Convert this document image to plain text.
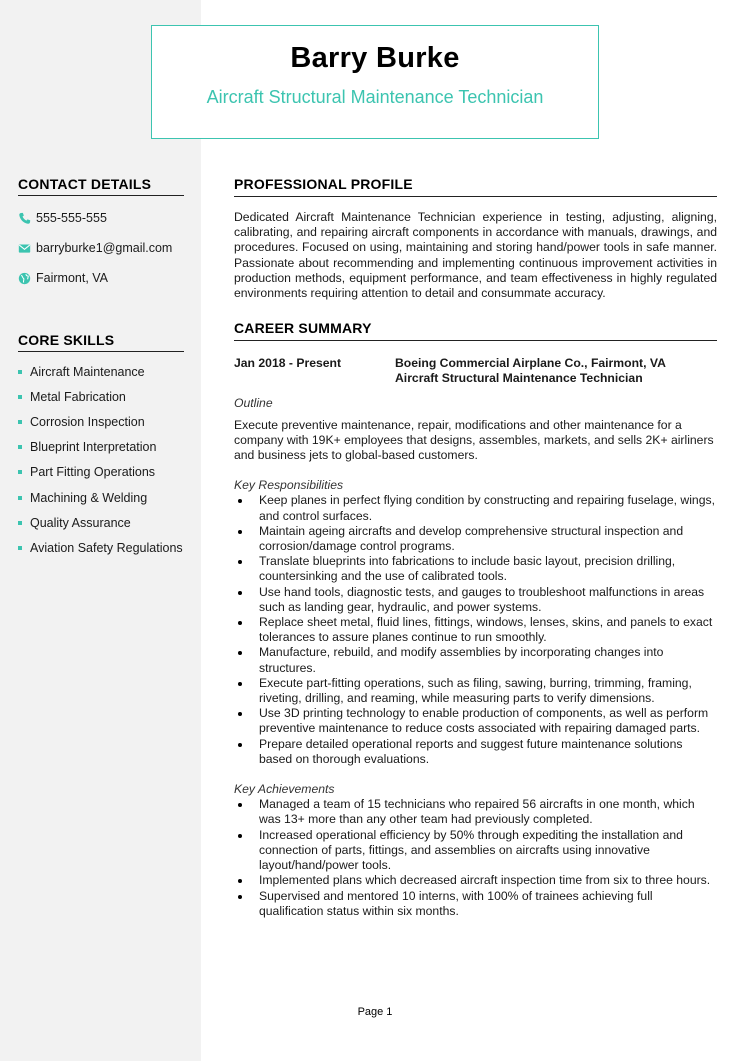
Barry Burke
Aircraft Structural Maintenance Technician
CONTACT DETAILS
555-555-555
barryburke1@gmail.com
Fairmont, VA
CORE SKILLS
Aircraft Maintenance
Metal Fabrication
Corrosion Inspection
Blueprint Interpretation
Part Fitting Operations
Machining & Welding
Quality Assurance
Aviation Safety Regulations
PROFESSIONAL PROFILE

Dedicated Aircraft Maintenance Technician experience in testing, adjusting, aligning, calibrating, and repairing aircraft components in accordance with manuals, drawings, and procedures. Focused on using, maintaining and storing hand/power tools in safe manner. Passionate about recommending and implementing continuous improvement activities in production methods, equipment performance, and team effectiveness in highly regulated environments requiring attention to detail and consummate accuracy.

CAREER SUMMARY
Jan 2018 - Present	Boeing Commercial Airplane Co., Fairmont, VA
Aircraft Structural Maintenance Technician
Outline

Execute preventive maintenance, repair, modifications and other maintenance for a company with 19K+ employees that designs, assembles, markets, and sells 2K+ airliners and business jets to global-based customers.

Key Responsibilities
Keep planes in perfect flying condition by constructing and repairing fuselage, wings, and control surfaces.
Maintain ageing aircrafts and develop comprehensive structural inspection and corrosion/damage control programs.
Translate blueprints into fabrications to include basic layout, precision drilling, countersinking and the use of calibrated tools.
Use hand tools, diagnostic tests, and gauges to troubleshoot malfunctions in areas such as landing gear, hydraulic, and power systems.
Replace sheet metal, fluid lines, fittings, windows, lenses, skins, and panels to exact tolerances to assure planes continue to run smoothly.
Manufacture, rebuild, and modify assemblies by incorporating changes into structures.
Execute part-fitting operations, such as filing, sawing, burring, trimming, framing, riveting, drilling, and reaming, while measuring parts to verify dimensions.
Use 3D printing technology to enable production of components, as well as perform preventive maintenance to reduce costs associated with repairing damaged parts.
Prepare detailed operational reports and suggest future maintenance solutions based on thorough evaluations.
Key Achievements
Managed a team of 15 technicians who repaired 56 aircrafts in one month, which was 13+ more than any other team had previously completed.
Increased operational efficiency by 50% through expediting the installation and connection of parts, fittings, and assemblies on aircrafts using innovative layout/hand/power tools.
Implemented plans which decreased aircraft inspection time from six to three hours.
Supervised and mentored 10 interns, with 100% of trainees achieving full qualification status within six months.
Page 1
